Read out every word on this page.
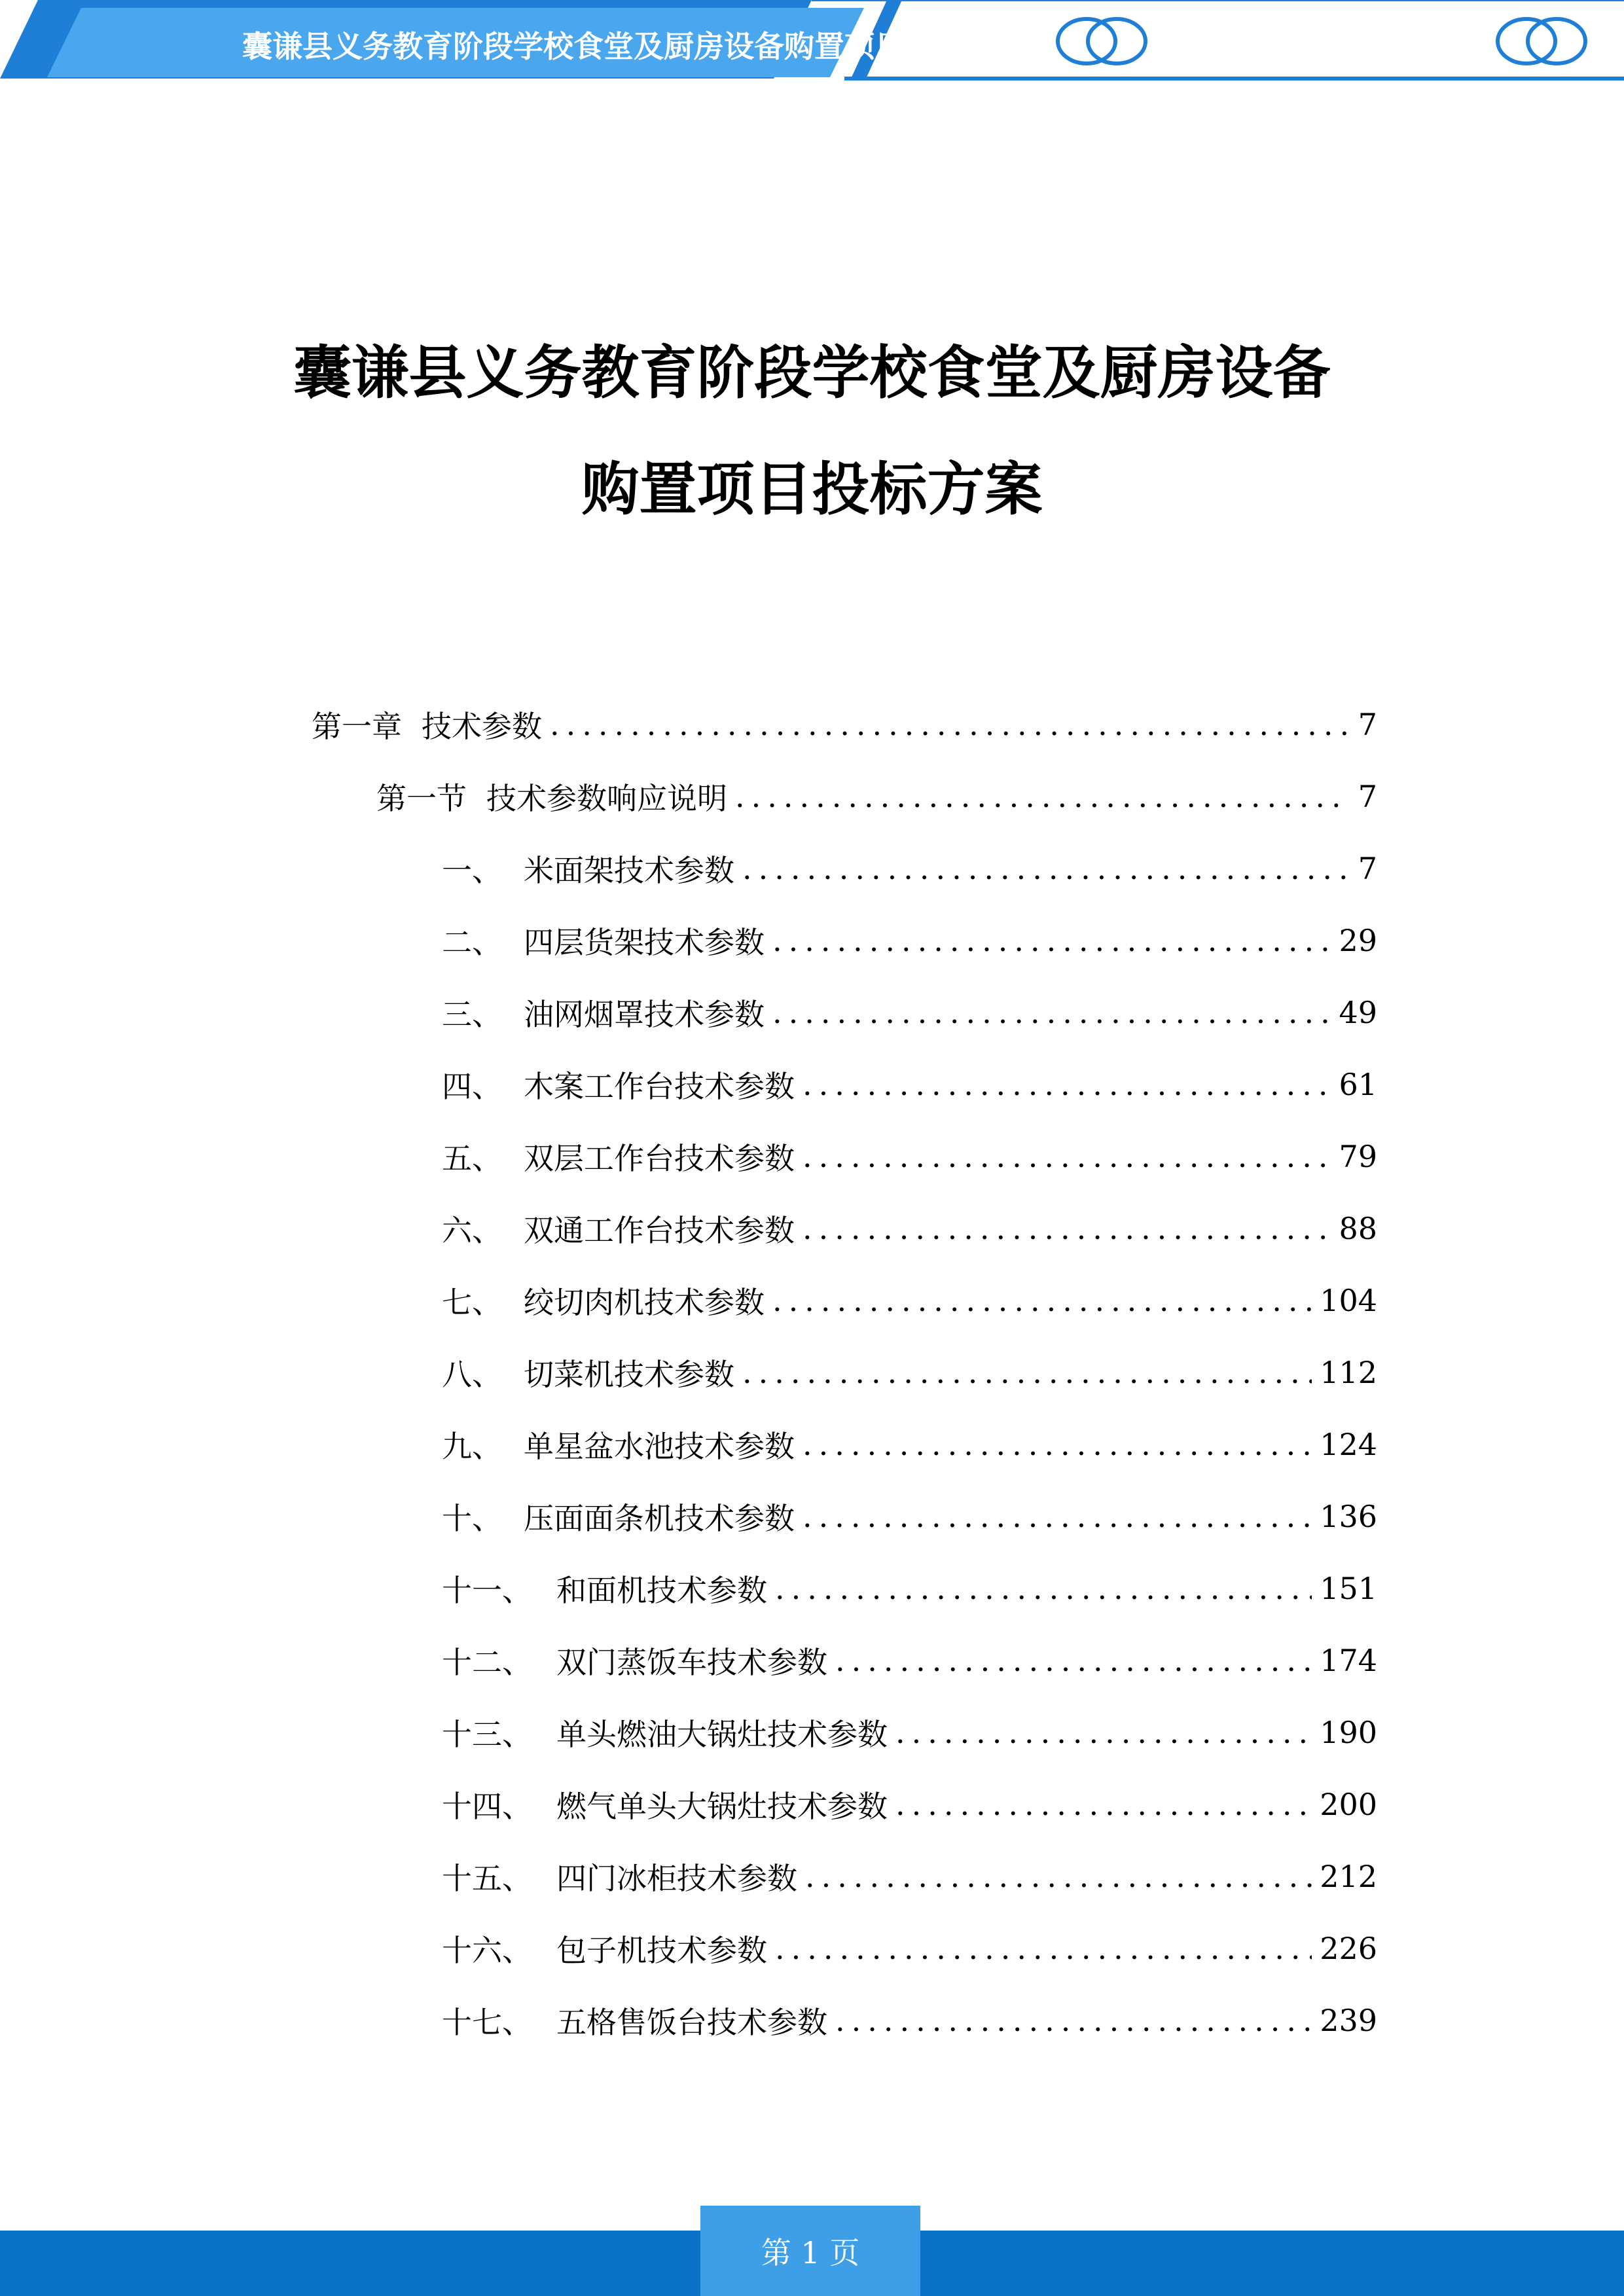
囊谦县义务教育阶段学校食堂及厨房设备购置项目投标方案
囊谦县义务教育阶段学校食堂及厨房设备
购置项目投标方案
第一章 技术参数 .....	7
第一节 技术参数响应说明 .....	7
一、 米面架技术参数 .....	7
二、 四层货架技术参数 .....	29
三、 油网烟罩技术参数 .....	49
四、 木案工作台技术参数 .....	61
五、 双层工作台技术参数 .....	79
六、 双通工作台技术参数 .....	88
七、 绞切肉机技术参数 .....	104
八、 切菜机技术参数 .....	112
九、 单星盆水池技术参数 .....	124
十、 压面面条机技术参数 .....	136
十一、 和面机技术参数 .....	151
十二、 双门蒸饭车技术参数 .....	174
十三、 单头燃油大锅灶技术参数 .....	190
十四、 燃气单头大锅灶技术参数 .....	200
十五、 四门冰柜技术参数 .....	212
十六、 包子机技术参数 .....	226
十七、 五格售饭台技术参数 .....	239
第 1 页
